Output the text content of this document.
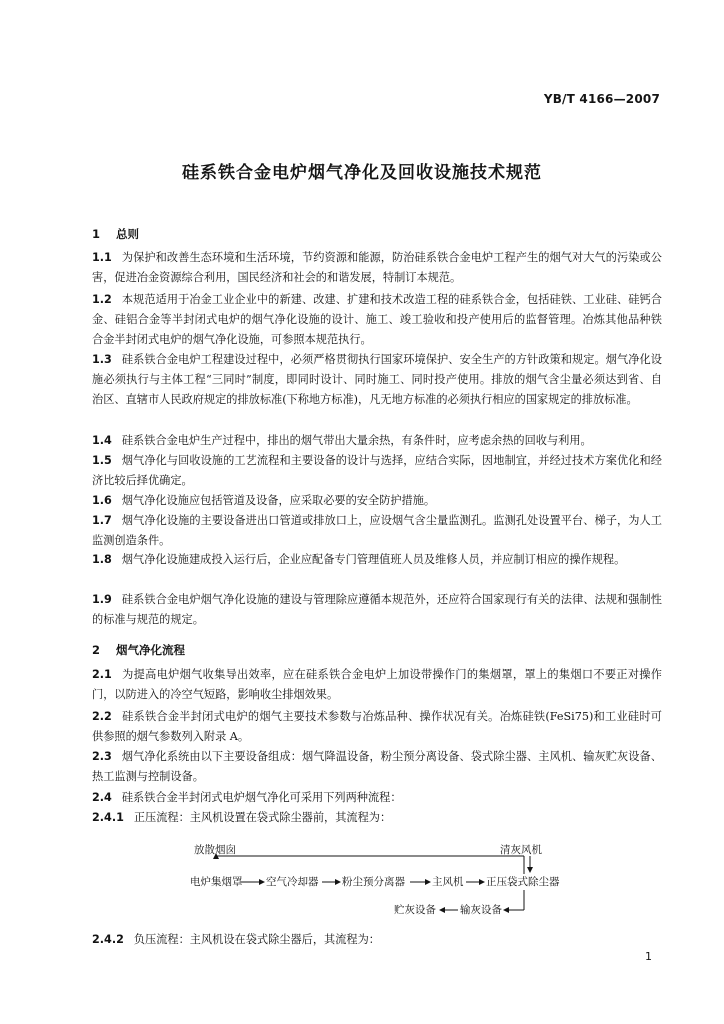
YB/T 4166—2007
硅系铁合金电炉烟气净化及回收设施技术规范
1 总则
1.1 为保护和改善生态环境和生活环境，节约资源和能源，防治硅系铁合金电炉工程产生的烟气对大气的污染或公害，促进冶金资源综合利用，国民经济和社会的和谐发展，特制订本规范。
1.2 本规范适用于冶金工业企业中的新建、改建、扩建和技术改造工程的硅系铁合金，包括硅铁、工业硅、硅钙合金、硅铝合金等半封闭式电炉的烟气净化设施的设计、施工、竣工验收和投产使用后的监督管理。冶炼其他品种铁合金半封闭式电炉的烟气净化设施，可参照本规范执行。
1.3 硅系铁合金电炉工程建设过程中，必须严格贯彻执行国家环境保护、安全生产的方针政策和规定。烟气净化设施必须执行与主体工程“三同时”制度，即同时设计、同时施工、同时投产使用。排放的烟气含尘量必须达到省、自治区、直辖市人民政府规定的排放标准(下称地方标准)，凡无地方标准的必须执行相应的国家规定的排放标准。
1.4 硅系铁合金电炉生产过程中，排出的烟气带出大量余热，有条件时，应考虑余热的回收与利用。
1.5 烟气净化与回收设施的工艺流程和主要设备的设计与选择，应结合实际，因地制宜，并经过技术方案优化和经济比较后择优确定。
1.6 烟气净化设施应包括管道及设备，应采取必要的安全防护措施。
1.7 烟气净化设施的主要设备进出口管道或排放口上，应设烟气含尘量监测孔。监测孔处设置平台、梯子，为人工监测创造条件。
1.8 烟气净化设施建成投入运行后，企业应配备专门管理值班人员及维修人员，并应制订相应的操作规程。
1.9 硅系铁合金电炉烟气净化设施的建设与管理除应遵循本规范外，还应符合国家现行有关的法律、法规和强制性的标准与规范的规定。
2 烟气净化流程
2.1 为提高电炉烟气收集导出效率，应在硅系铁合金电炉上加设带操作门的集烟罩，罩上的集烟口不要正对操作门，以防进入的冷空气短路，影响收尘排烟效果。
2.2 硅系铁合金半封闭式电炉的烟气主要技术参数与冶炼品种、操作状况有关。冶炼硅铁(FeSi75)和工业硅时可供参照的烟气参数列入附录 A。
2.3 烟气净化系统由以下主要设备组成：烟气降温设备，粉尘预分离设备、袋式除尘器、主风机、输灰贮灰设备、热工监测与控制设备。
2.4 硅系铁合金半封闭式电炉烟气净化可采用下列两种流程：
2.4.1 正压流程：主风机设置在袋式除尘器前，其流程为：
2.4.2 负压流程：主风机设在袋式除尘器后，其流程为：
放散烟囱
电炉集烟罩 空气冷却器 粉尘预分离器	主风机 正压袋式除尘器
清灰风机
贮灰设备 输灰设备
1
